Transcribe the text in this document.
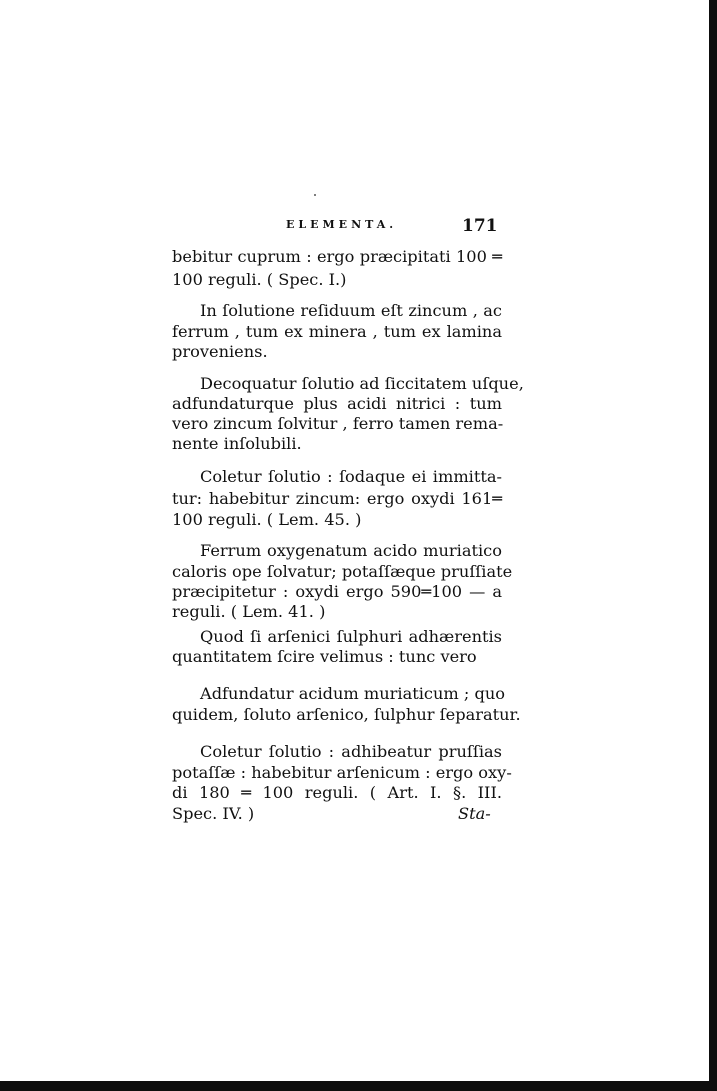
ELEMENTA.	171
bebitur cuprum : ergo præcipitati 100 ═
100 reguli. ( Spec. I.)
In ſolutione reſiduum eſt zincum , ac
ferrum , tum ex minera , tum ex lamina
proveniens.
Decoquatur ſolutio ad ſiccitatem uſque,
adfundaturque plus acidi nitrici : tum
vero zincum ſolvitur , ferro tamen rema-
nente inſolubili.
Coletur ſolutio : ſodaque ei immitta-
tur: habebitur zincum: ergo oxydi 161═
100 reguli. ( Lem. 45. )
Ferrum oxygenatum acido muriatico
caloris ope ſolvatur; potaſſæque pruſſiate
præcipitetur : oxydi ergo 590═100 — a
reguli. ( Lem. 41. )
Quod ſi arſenici ſulphuri adhærentis
quantitatem ſcire velimus : tunc vero
Adfundatur acidum muriaticum ; quo
quidem, ſoluto arſenico, ſulphur ſeparatur.
Coletur ſolutio : adhibeatur pruſſias
potaſſæ : habebitur arſenicum : ergo oxy-
di 180 ═ 100 reguli. ( Art. I. §. III.
Spec. IV. )	Sta-
